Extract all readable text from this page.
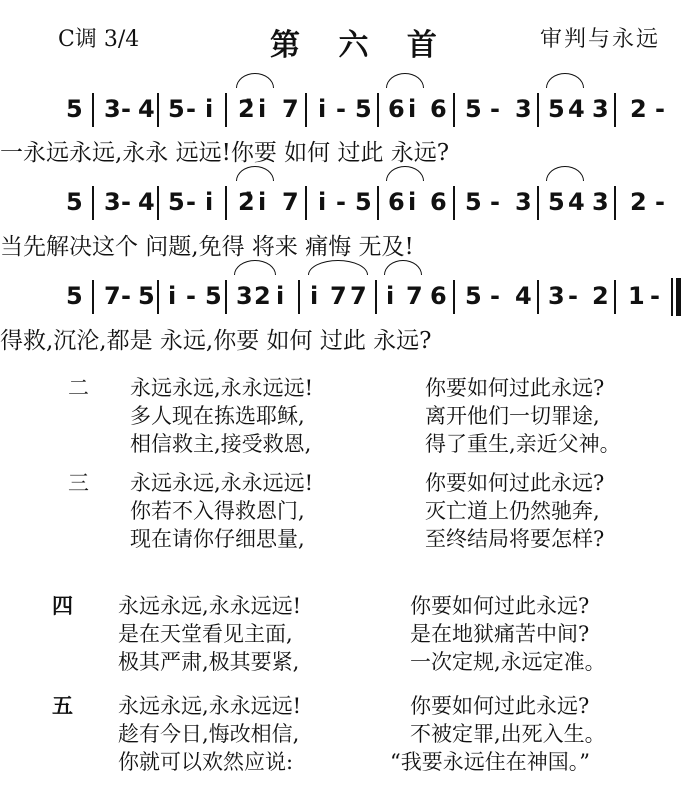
C调 3/4	第 六 首	审判与永远
5 3 - 4 5 - i 2̇ i 7 i - 5 6 i 6 5 - 3 5 4 3 2 -
一永远永远,永永 远远!你要 如何 过此 永远?
5 3 - 4 5 - i 2̇ i 7 i - 5 6 i 6 5 - 3 5 4 3 2 -
当先解决这个 问题,免得 将来 痛悔 无及!
5 7 - 5 i - 5 3 2 i i 7 7 i 7 6 5 - 4 3 - 2 1 -
得救,沉沦,都是 永远,你要 如何 过此 永远?
二 永远永远,永永远远!	你要如何过此永远?
多人现在拣选耶稣,	离开他们一切罪途,
相信救主,接受救恩,	得了重生,亲近父神。
三 永远永远,永永远远!	你要如何过此永远?
你若不入得救恩门,	灭亡道上仍然驰奔,
现在请你仔细思量,	至终结局将要怎样?
四 永远永远,永永远远!	你要如何过此永远?
是在天堂看见主面,	是在地狱痛苦中间?
极其严肃,极其要紧,	一次定规,永远定准。
五 永远永远,永永远远!	你要如何过此永远?
趁有今日,悔改相信,	不被定罪,出死入生。
你就可以欢然应说:	“我要永远住在神国。”
